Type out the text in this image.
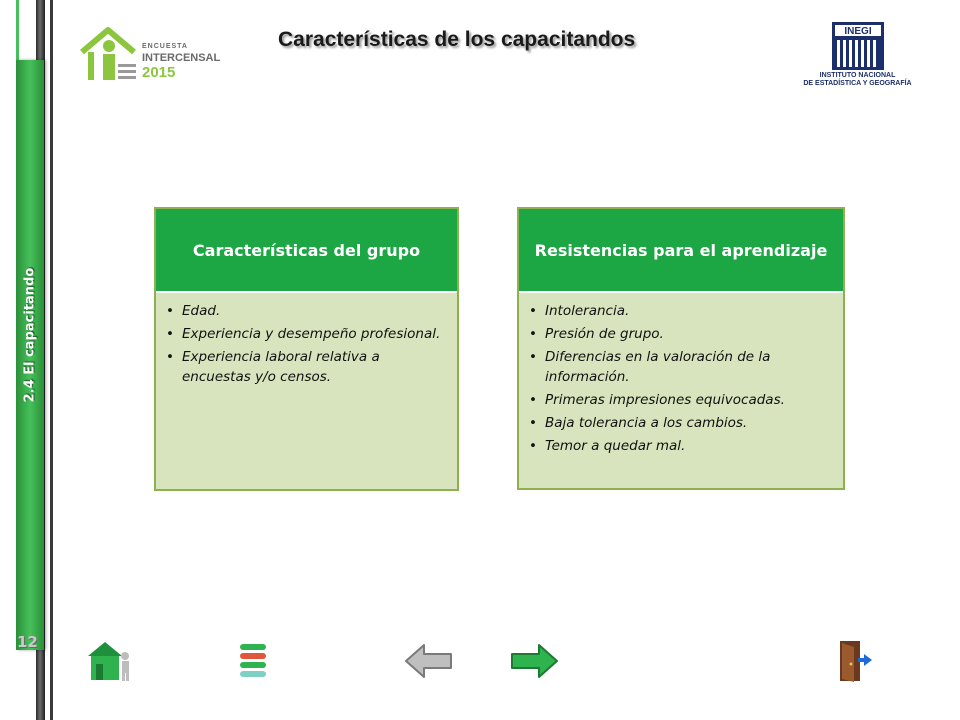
2.4 El capacitando
12
ENCUESTA
INTERCENSAL
2015
Características de los capacitandos	INEGI
INSTITUTO NACIONAL
DE ESTADÍSTICA Y GEOGRAFÍA
Características del grupo
• Edad.
• Experiencia y desempeño profesional.
• Experiencia laboral relativa a encuestas y/o censos.
Resistencias para el aprendizaje
• Intolerancia.
• Presión de grupo.
• Diferencias en la valoración de la información.
• Primeras impresiones equivocadas.
• Baja tolerancia a los cambios.
• Temor a quedar mal.
